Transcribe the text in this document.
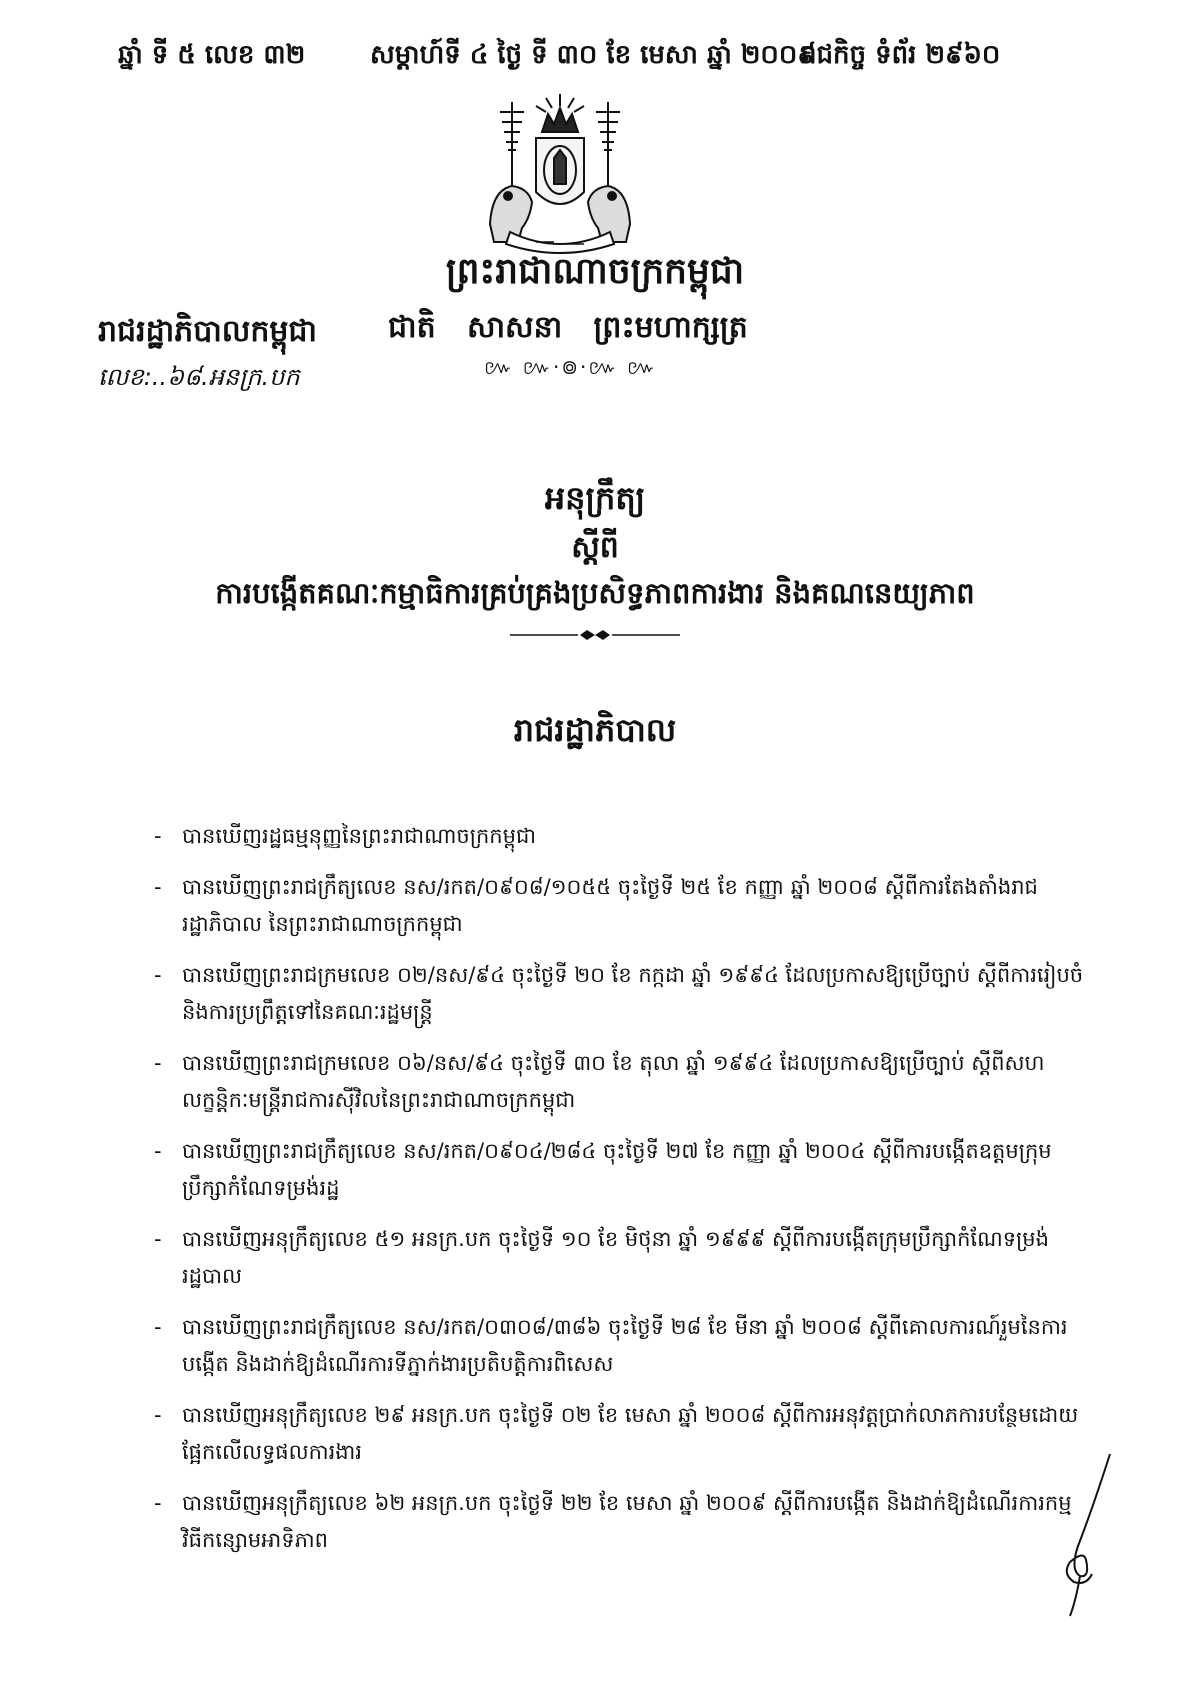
ឆ្នាំ ទី ៥ លេខ ៣២ សម្តាហ៍ទី ៤ ថ្ងៃ ទី ៣០ ខែ មេសា ឆ្នាំ ២០០៩
រាជកិច្ច ទំព័រ ២៩៦០
ព្រះរាជាណាចក្រកម្ពុជា
ជាតិ   សាសនា   ព្រះមហាក្សត្រ
៚ ៚·៙·៚ ៚
រាជរដ្ឋាភិបាលកម្ពុជា
លេខ:..៦៨.អនក្រ.បក
អនុក្រឹត្យ
ស្តីពី
ការបង្កើតគណៈកម្មាធិការគ្រប់គ្រងប្រសិទ្ធភាពការងារ និងគណនេយ្យភាព
រាជរដ្ឋាភិបាល
- បានឃើញរដ្ឋធម្មនុញ្ញនៃព្រះរាជាណាចក្រកម្ពុជា
- បានឃើញព្រះរាជក្រឹត្យលេខ នស/រកត/០៩០៨/១០៥៥ ចុះថ្ងៃទី ២៥ ខែ កញ្ញា ឆ្នាំ ២០០៨ ស្តីពីការតែងតាំងរាជរដ្ឋាភិបាល នៃព្រះរាជាណាចក្រកម្ពុជា
- បានឃើញព្រះរាជក្រមលេខ ០២/នស/៩៤ ចុះថ្ងៃទី ២០ ខែ កក្កដា ឆ្នាំ ១៩៩៤ ដែលប្រកាសឱ្យប្រើច្បាប់ ស្តីពីការរៀបចំ និងការប្រព្រឹត្តទៅនៃគណៈរដ្ឋមន្ត្រី
- បានឃើញព្រះរាជក្រមលេខ ០៦/នស/៩៤ ចុះថ្ងៃទី ៣០ ខែ តុលា ឆ្នាំ ១៩៩៤ ដែលប្រកាសឱ្យប្រើច្បាប់ ស្តីពីសហលក្ខន្តិកៈមន្ត្រីរាជការស៊ីវិលនៃព្រះរាជាណាចក្រកម្ពុជា
- បានឃើញព្រះរាជក្រឹត្យលេខ នស/រកត/០៩០៤/២៨៤ ចុះថ្ងៃទី ២៧ ខែ កញ្ញា ឆ្នាំ ២០០៤ ស្តីពីការបង្កើតឧត្តមក្រុមប្រឹក្សាកំណែទម្រង់រដ្ឋ
- បានឃើញអនុក្រឹត្យលេខ ៥១ អនក្រ.បក ចុះថ្ងៃទី ១០ ខែ មិថុនា ឆ្នាំ ១៩៩៩ ស្តីពីការបង្កើតក្រុមប្រឹក្សាកំណែទម្រង់រដ្ឋបាល
- បានឃើញព្រះរាជក្រឹត្យលេខ នស/រកត/០៣០៨/៣៨៦ ចុះថ្ងៃទី ២៨ ខែ មីនា ឆ្នាំ ២០០៨ ស្តីពីគោលការណ៍រួមនៃការបង្កើត និងដាក់ឱ្យដំណើរការទីភ្នាក់ងារប្រតិបត្តិការពិសេស
- បានឃើញអនុក្រឹត្យលេខ ២៩ អនក្រ.បក ចុះថ្ងៃទី ០២ ខែ មេសា ឆ្នាំ ២០០៨ ស្តីពីការអនុវត្តប្រាក់លាភការបន្ថែមដោយផ្អែកលើលទ្ធផលការងារ
- បានឃើញអនុក្រឹត្យលេខ ៦២ អនក្រ.បក ចុះថ្ងៃទី ២២ ខែ មេសា ឆ្នាំ ២០០៩ ស្តីពីការបង្កើត និងដាក់ឱ្យដំណើរការកម្មវិធីកន្សោមអាទិភាព
